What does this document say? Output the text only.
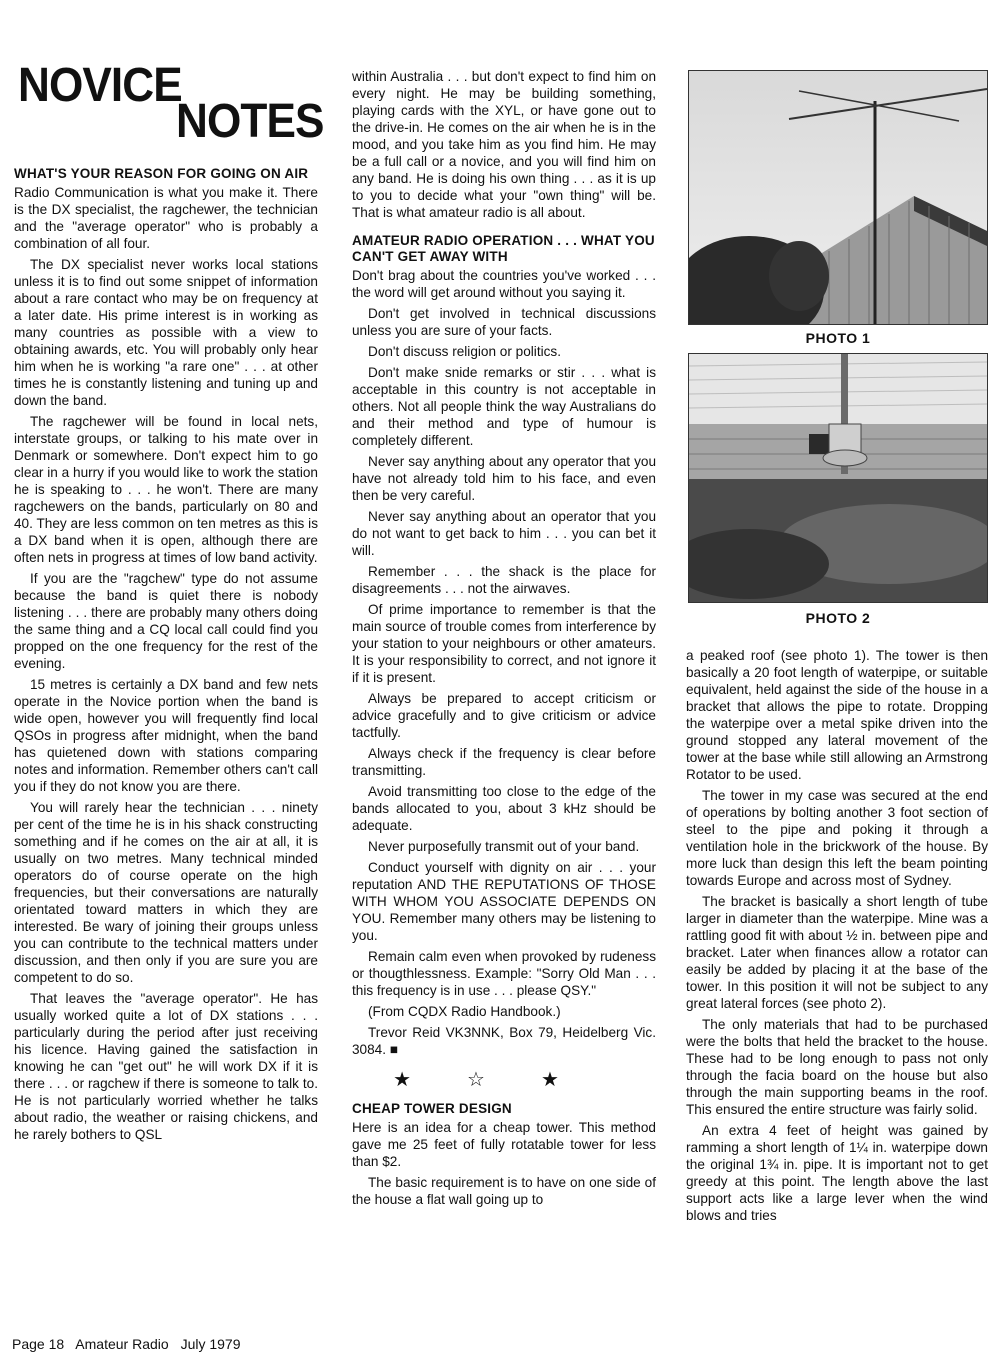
NOVICE
NOTES
WHAT'S YOUR REASON FOR GOING ON AIR

Radio Communication is what you make it. There is the DX specialist, the ragchewer, the technician and the "average operator" who is probably a combination of all four.

The DX specialist never works local stations unless it is to find out some snippet of information about a rare contact who may be on frequency at a later date. His prime interest is in working as many countries as possible with a view to obtaining awards, etc. You will probably only hear him when he is working "a rare one" . . . at other times he is constantly listening and tuning up and down the band.

The ragchewer will be found in local nets, interstate groups, or talking to his mate over in Denmark or somewhere. Don't expect him to go clear in a hurry if you would like to work the station he is speaking to . . . he won't. There are many ragchewers on the bands, particularly on 80 and 40. They are less common on ten metres as this is a DX band when it is open, although there are often nets in progress at times of low band activity.

If you are the "ragchew" type do not assume because the band is quiet there is nobody listening . . . there are probably many others doing the same thing and a CQ local call could find you propped on the one frequency for the rest of the evening.

15 metres is certainly a DX band and few nets operate in the Novice portion when the band is wide open, however you will frequently find local QSOs in progress after midnight, when the band has quietened down with stations comparing notes and information. Remember others can't call you if they do not know you are there.

You will rarely hear the technician . . . ninety per cent of the time he is in his shack constructing something and if he comes on the air at all, it is usually on two metres. Many technical minded operators do of course operate on the high frequencies, but their conversations are naturally orientated toward matters in which they are interested. Be wary of joining their groups unless you can contribute to the technical matters under discussion, and then only if you are sure you are competent to do so.

That leaves the "average operator". He has usually worked quite a lot of DX stations . . . particularly during the period after just receiving his licence. Having gained the satisfaction in knowing he can "get out" he will work DX if it is there . . . or ragchew if there is someone to talk to. He is not particularly worried whether he talks about radio, the weather or raising chickens, and he rarely bothers to QSL

within Australia . . . but don't expect to find him on every night. He may be building something, playing cards with the XYL, or have gone out to the drive-in. He comes on the air when he is in the mood, and you take him as you find him. He may be a full call or a novice, and you will find him on any band. He is doing his own thing . . . as it is up to you to decide what your "own thing" will be. That is what amateur radio is all about.

AMATEUR RADIO OPERATION . . . WHAT YOU CAN'T GET AWAY WITH

Don't brag about the countries you've worked . . . the word will get around without you saying it.

Don't get involved in technical discussions unless you are sure of your facts.

Don't discuss religion or politics.

Don't make snide remarks or stir . . . what is acceptable in this country is not acceptable in others. Not all people think the way Australians do and their method and type of humour is completely different.

Never say anything about any operator that you have not already told him to his face, and even then be very careful.

Never say anything about an operator that you do not want to get back to him . . . you can bet it will.

Remember . . . the shack is the place for disagreements . . . not the airwaves.

Of prime importance to remember is that the main source of trouble comes from interference by your station to your neighbours or other amateurs. It is your responsibility to correct, and not ignore it if it is present.

Always be prepared to accept criticism or advice gracefully and to give criticism or advice tactfully.

Always check if the frequency is clear before transmitting.

Avoid transmitting too close to the edge of the bands allocated to you, about 3 kHz should be adequate.

Never purposefully transmit out of your band.

Conduct yourself with dignity on air . . . your reputation AND THE REPUTATIONS OF THOSE WITH WHOM YOU ASSOCIATE DEPENDS ON YOU. Remember many others may be listening to you.

Remain calm even when provoked by rudeness or thougthlessness. Example: "Sorry Old Man . . . this frequency is in use . . . please QSY."

(From CQDX Radio Handbook.)

Trevor Reid VK3NNK, Box 79, Heidelberg Vic. 3084. ■

★☆★
CHEAP TOWER DESIGN

Here is an idea for a cheap tower. This method gave me 25 feet of fully rotatable tower for less than $2.

The basic requirement is to have on one side of the house a flat wall going up to

PHOTO 1
PHOTO 2

a peaked roof (see photo 1). The tower is then basically a 20 foot length of waterpipe, or suitable equivalent, held against the side of the house in a bracket that allows the pipe to rotate. Dropping the waterpipe over a metal spike driven into the ground stopped any lateral movement of the tower at the base while still allowing an Armstrong Rotator to be used.

The tower in my case was secured at the end of operations by bolting another 3 foot section of steel to the pipe and poking it through a ventilation hole in the brickwork of the house. By more luck than design this left the beam pointing towards Europe and across most of Sydney.

The bracket is basically a short length of tube larger in diameter than the waterpipe. Mine was a rattling good fit with about ½ in. between pipe and bracket. Later when finances allow a rotator can easily be added by placing it at the base of the tower. In this position it will not be subject to any great lateral forces (see photo 2).

The only materials that had to be purchased were the bolts that held the bracket to the house. These had to be long enough to pass not only through the facia board on the house but also through the main supporting beams in the roof. This ensured the entire structure was fairly solid.

An extra 4 feet of height was gained by ramming a short length of 1¼ in. waterpipe down the original 1¾ in. pipe. It is important not to get greedy at this point. The length above the last support acts like a large lever when the wind blows and tries

Page 18 Amateur Radio July 1979
